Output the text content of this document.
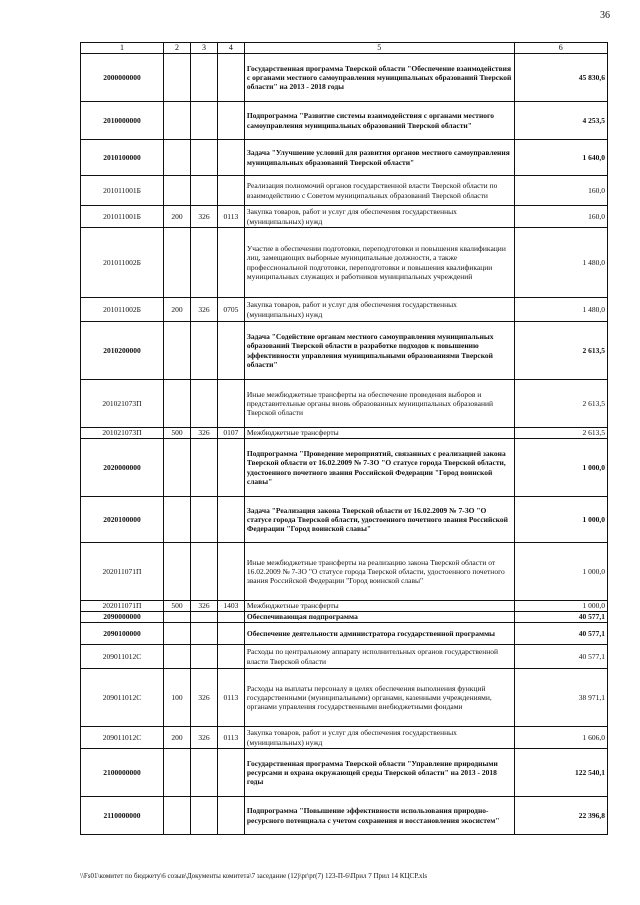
36
1	2	3	4	5	6
2000000000				Государственная программа Тверской области "Обеспечение взаимодействия с органами местного самоуправления муниципальных образований Тверской области" на 2013 - 2018 годы	45 830,6
2010000000				Подпрограмма "Развитие системы взаимодействия с органами местного самоуправления муниципальных образований Тверской области"	4 253,5
2010100000				Задача "Улучшение условий для развития органов местного самоуправления муниципальных образований Тверской области"	1 640,0
201011001Б				Реализация полномочий органов государственной власти Тверской области по взаимодействию с Советом муниципальных образований Тверской области	160,0
201011001Б	200	326	0113	Закупка товаров, работ и услуг для обеспечения государственных (муниципальных) нужд	160,0
201011002Б				Участие в обеспечении подготовки, переподготовки и повышения квалификации лиц, замещающих выборные муниципальные должности, а также профессиональной подготовки, переподготовки и повышения квалификации муниципальных служащих и работников муниципальных учреждений	1 480,0
201011002Б	200	326	0705	Закупка товаров, работ и услуг для обеспечения государственных (муниципальных) нужд	1 480,0
2010200000				Задача "Содействие органам местного самоуправления муниципальных образований Тверской области в разработке подходов к повышению эффективности управления муниципальными образованиями Тверской области"	2 613,5
201021073П				Иные межбюджетные трансферты на обеспечение проведения выборов и представительные органы вновь образованных муниципальных образований Тверской области	2 613,5
201021073П	500	326	0107	Межбюджетные трансферты	2 613,5
2020000000				Подпрограмма "Проведение мероприятий, связанных с реализацией закона Тверской области от 16.02.2009 № 7-ЗО "О статусе города Тверской области, удостоенного почетного звания Российской Федерации "Город воинской славы"	1 000,0
2020100000				Задача "Реализация закона Тверской области от 16.02.2009 № 7-ЗО "О статусе города Тверской области, удостоенного почетного звания Российской Федерации "Город воинской славы"	1 000,0
202011071П				Иные межбюджетные трансферты на реализацию закона Тверской области от 16.02.2009 № 7-ЗО "О статусе города Тверской области, удостоенного почетного звания Российской Федерации "Город воинской славы"	1 000,0
202011071П	500	326	1403	Межбюджетные трансферты	1 000,0
2090000000				Обеспечивающая подпрограмма	40 577,1
2090100000				Обеспечение деятельности администратора государственной программы	40 577,1
209011012С				Расходы по центральному аппарату исполнительных органов государственной власти Тверской области	40 577,1
209011012С	100	326	0113	Расходы на выплаты персоналу в целях обеспечения выполнения функций государственными (муниципальными) органами, казенными учреждениями, органами управления государственными внебюджетными фондами	38 971,1
209011012С	200	326	0113	Закупка товаров, работ и услуг для обеспечения государственных (муниципальных) нужд	1 606,0
2100000000				Государственная программа Тверской области "Управление природными ресурсами и охрана окружающей среды Тверской области" на 2013 - 2018 годы	122 540,1
2110000000				Подпрограмма "Повышение эффективности использования природно-ресурсного потенциала с учетом сохранения и восстановления экосистем"	22 396,8
\\Fs01\комитет по бюджету\6 созыв\Документы комитета\7 заседание (12)\pr\pr(7) 123-П-6\Прил 7 Прил 14 КЦСР.xls
